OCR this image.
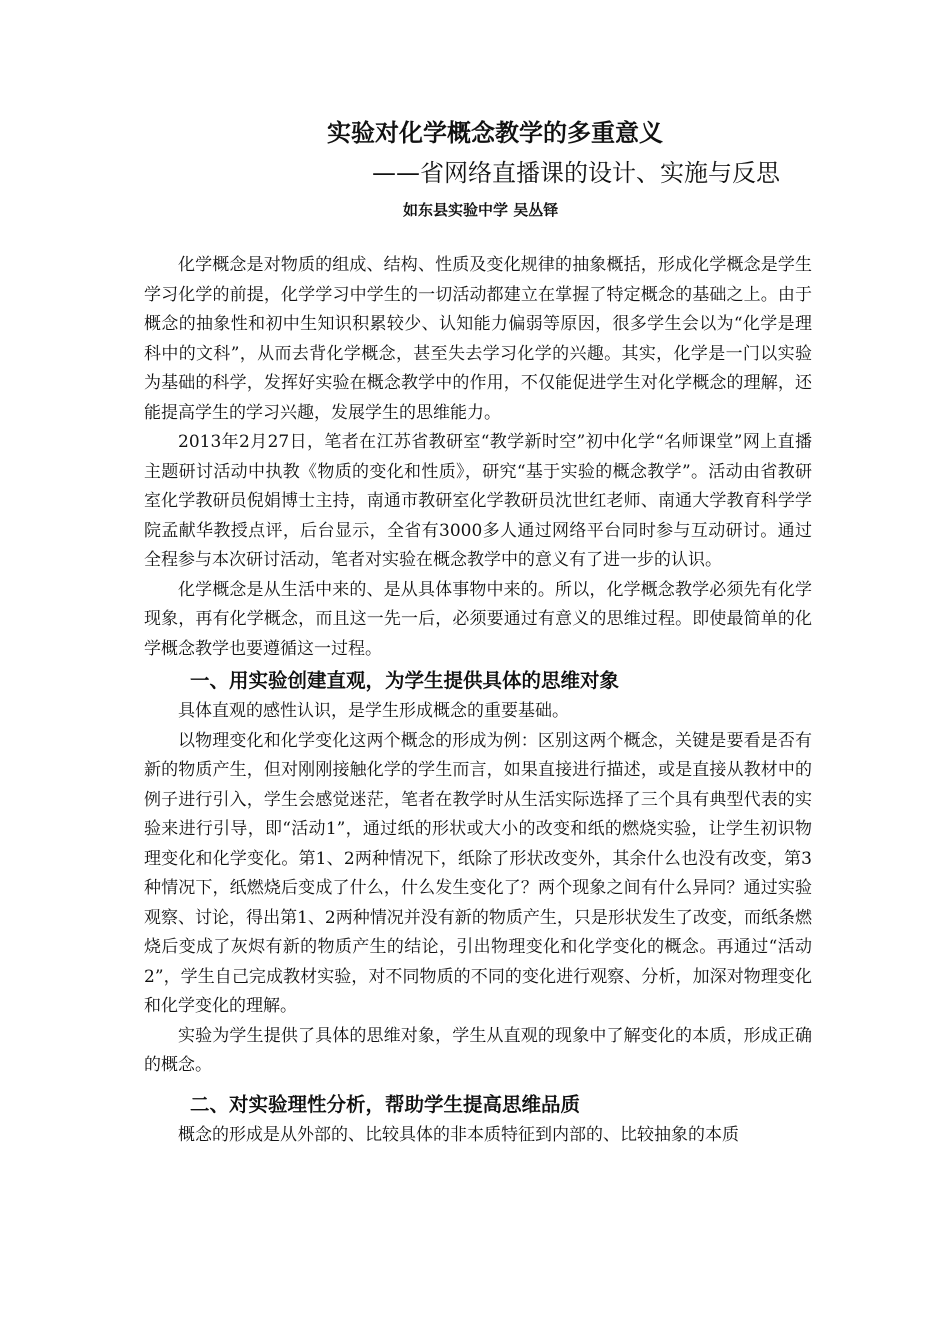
实验对化学概念教学的多重意义
——省网络直播课的设计、实施与反思
如东县实验中学 吴丛铎

化学概念是对物质的组成、结构、性质及变化规律的抽象概括，形成化学概念是学生学习化学的前提，化学学习中学生的一切活动都建立在掌握了特定概念的基础之上。由于概念的抽象性和初中生知识积累较少、认知能力偏弱等原因，很多学生会以为“化学是理科中的文科”，从而去背化学概念，甚至失去学习化学的兴趣。其实，化学是一门以实验为基础的科学，发挥好实验在概念教学中的作用，不仅能促进学生对化学概念的理解，还能提高学生的学习兴趣，发展学生的思维能力。

2013年2月27日，笔者在江苏省教研室“教学新时空”初中化学“名师课堂”网上直播主题研讨活动中执教《物质的变化和性质》，研究“基于实验的概念教学”。活动由省教研室化学教研员倪娟博士主持，南通市教研室化学教研员沈世红老师、南通大学教育科学学院孟献华教授点评，后台显示，全省有3000多人通过网络平台同时参与互动研讨。通过全程参与本次研讨活动，笔者对实验在概念教学中的意义有了进一步的认识。

化学概念是从生活中来的、是从具体事物中来的。所以，化学概念教学必须先有化学现象，再有化学概念，而且这一先一后，必须要通过有意义的思维过程。即使最简单的化学概念教学也要遵循这一过程。

一、用实验创建直观，为学生提供具体的思维对象

具体直观的感性认识，是学生形成概念的重要基础。

以物理变化和化学变化这两个概念的形成为例：区别这两个概念，关键是要看是否有新的物质产生，但对刚刚接触化学的学生而言，如果直接进行描述，或是直接从教材中的例子进行引入，学生会感觉迷茫，笔者在教学时从生活实际选择了三个具有典型代表的实验来进行引导，即“活动1”，通过纸的形状或大小的改变和纸的燃烧实验，让学生初识物理变化和化学变化。第1、2两种情况下，纸除了形状改变外，其余什么也没有改变，第3种情况下，纸燃烧后变成了什么，什么发生变化了？两个现象之间有什么异同？通过实验观察、讨论，得出第1、2两种情况并没有新的物质产生，只是形状发生了改变，而纸条燃烧后变成了灰烬有新的物质产生的结论，引出物理变化和化学变化的概念。再通过“活动2”，学生自己完成教材实验，对不同物质的不同的变化进行观察、分析，加深对物理变化和化学变化的理解。

实验为学生提供了具体的思维对象，学生从直观的现象中了解变化的本质，形成正确的概念。

二、对实验理性分析，帮助学生提高思维品质

概念的形成是从外部的、比较具体的非本质特征到内部的、比较抽象的本质
